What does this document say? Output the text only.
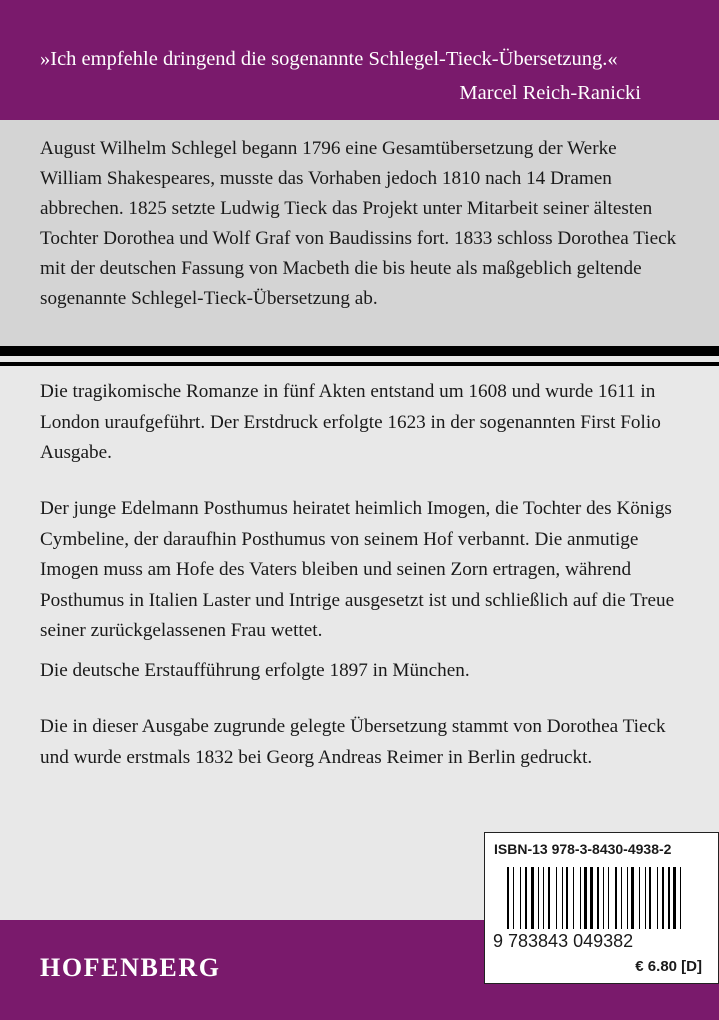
»Ich empfehle dringend die sogenannte Schlegel-Tieck-Übersetzung.«
Marcel Reich-Ranicki

August Wilhelm Schlegel begann 1796 eine Gesamtübersetzung der Werke William Shakespeares, musste das Vorhaben jedoch 1810 nach 14 Dramen abbrechen. 1825 setzte Ludwig Tieck das Projekt unter Mitarbeit seiner ältesten Tochter Dorothea und Wolf Graf von Baudissins fort. 1833 schloss Dorothea Tieck mit der deutschen Fassung von Macbeth die bis heute als maßgeblich geltende sogenannte Schlegel-Tieck-Übersetzung ab.

Die tragikomische Romanze in fünf Akten entstand um 1608 und wurde 1611 in London uraufgeführt. Der Erstdruck erfolgte 1623 in der sogenannten First Folio Ausgabe.

Der junge Edelmann Posthumus heiratet heimlich Imogen, die Tochter des Königs Cymbeline, der daraufhin Posthumus von seinem Hof verbannt. Die anmutige Imogen muss am Hofe des Vaters bleiben und seinen Zorn ertragen, während Posthumus in Italien Laster und Intrige ausgesetzt ist und schließlich auf die Treue seiner zurückgelassenen Frau wettet.

Die deutsche Erstaufführung erfolgte 1897 in München.

Die in dieser Ausgabe zugrunde gelegte Übersetzung stammt von Dorothea Tieck und wurde erstmals 1832 bei Georg Andreas Reimer in Berlin gedruckt.

HOFENBERG
ISBN-13 978-3-8430-4938-2
9 783843 049382
€ 6.80 [D]
